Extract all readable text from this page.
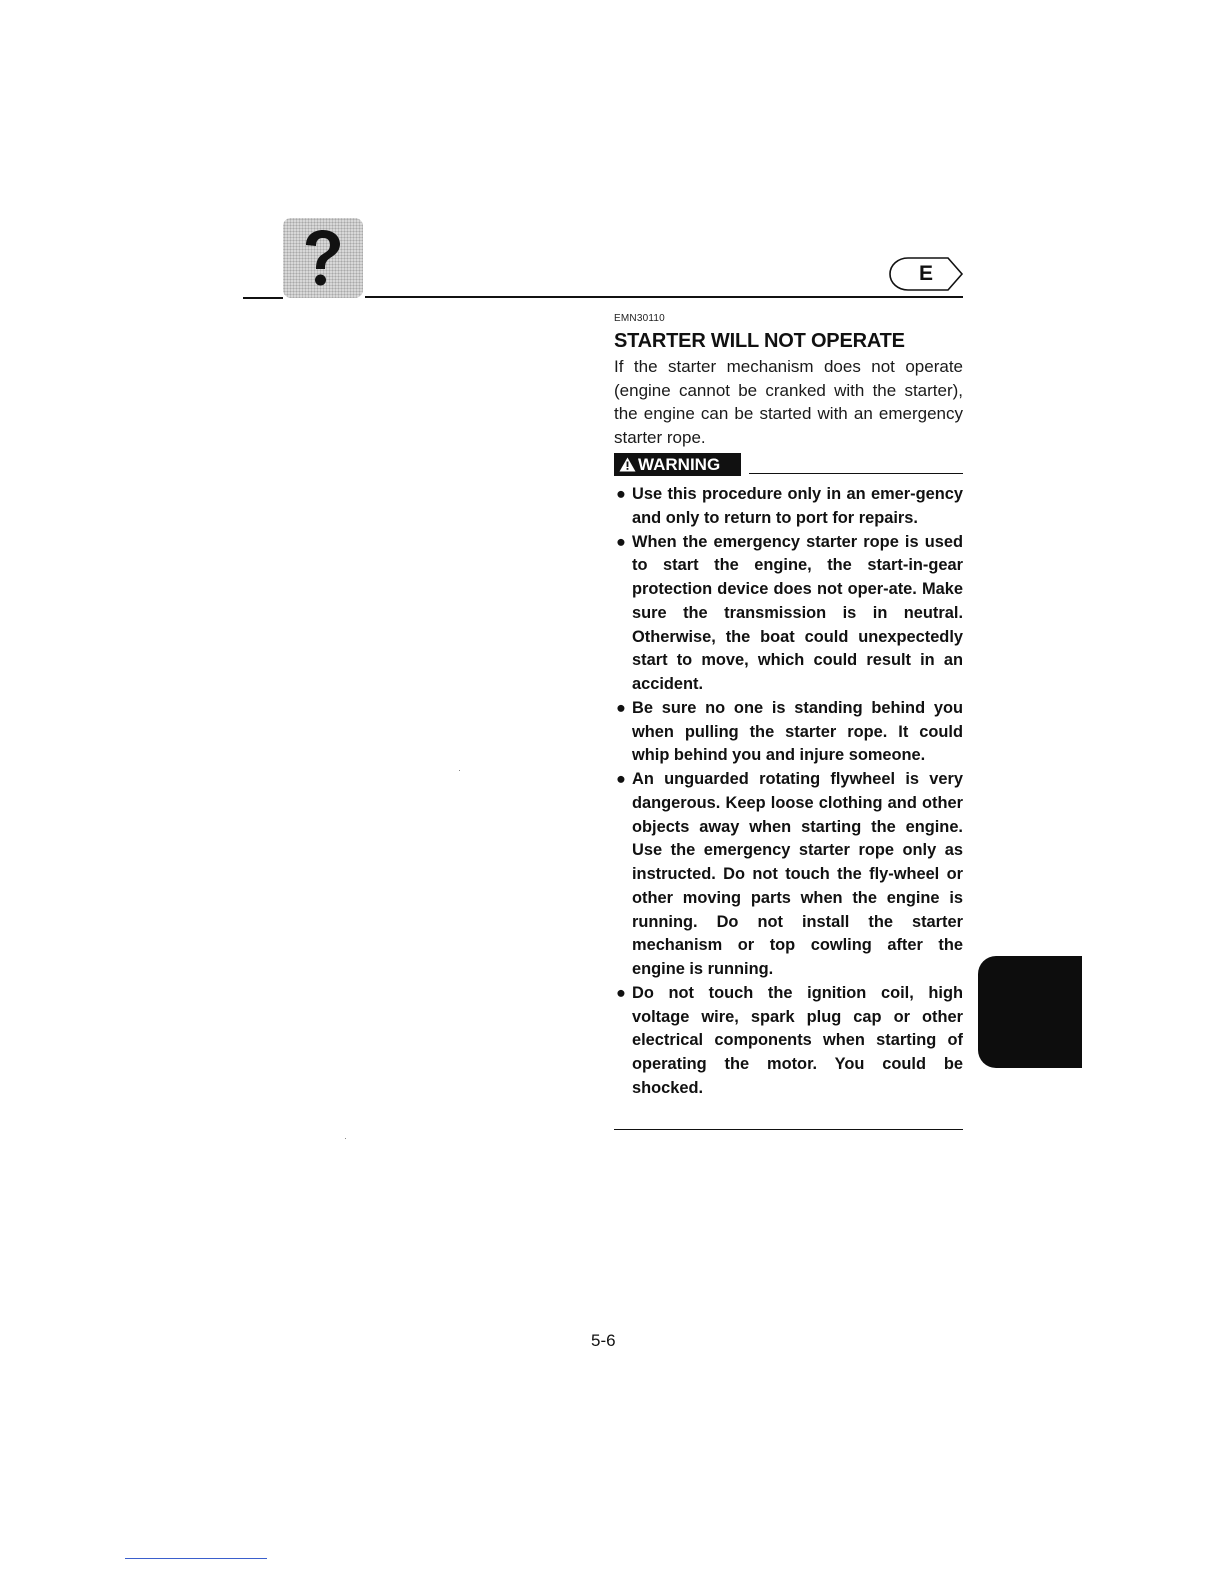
E
EMN30110
STARTER WILL NOT OPERATE
If the starter mechanism does not operate (engine cannot be cranked with the starter), the engine can be started with an emergency starter rope.
WARNING
● Use this procedure only in an emer-gency and only to return to port for repairs.
● When the emergency starter rope is used to start the engine, the start-in-gear protection device does not oper-ate. Make sure the transmission is in neutral. Otherwise, the boat could unexpectedly start to move, which could result in an accident.
● Be sure no one is standing behind you when pulling the starter rope. It could whip behind you and injure someone.
● An unguarded rotating flywheel is very dangerous. Keep loose clothing and other objects away when starting the engine. Use the emergency starter rope only as instructed. Do not touch the fly-wheel or other moving parts when the engine is running. Do not install the starter mechanism or top cowling after the engine is running.
● Do not touch the ignition coil, high voltage wire, spark plug cap or other electrical components when starting of operating the motor. You could be shocked.
5-6
